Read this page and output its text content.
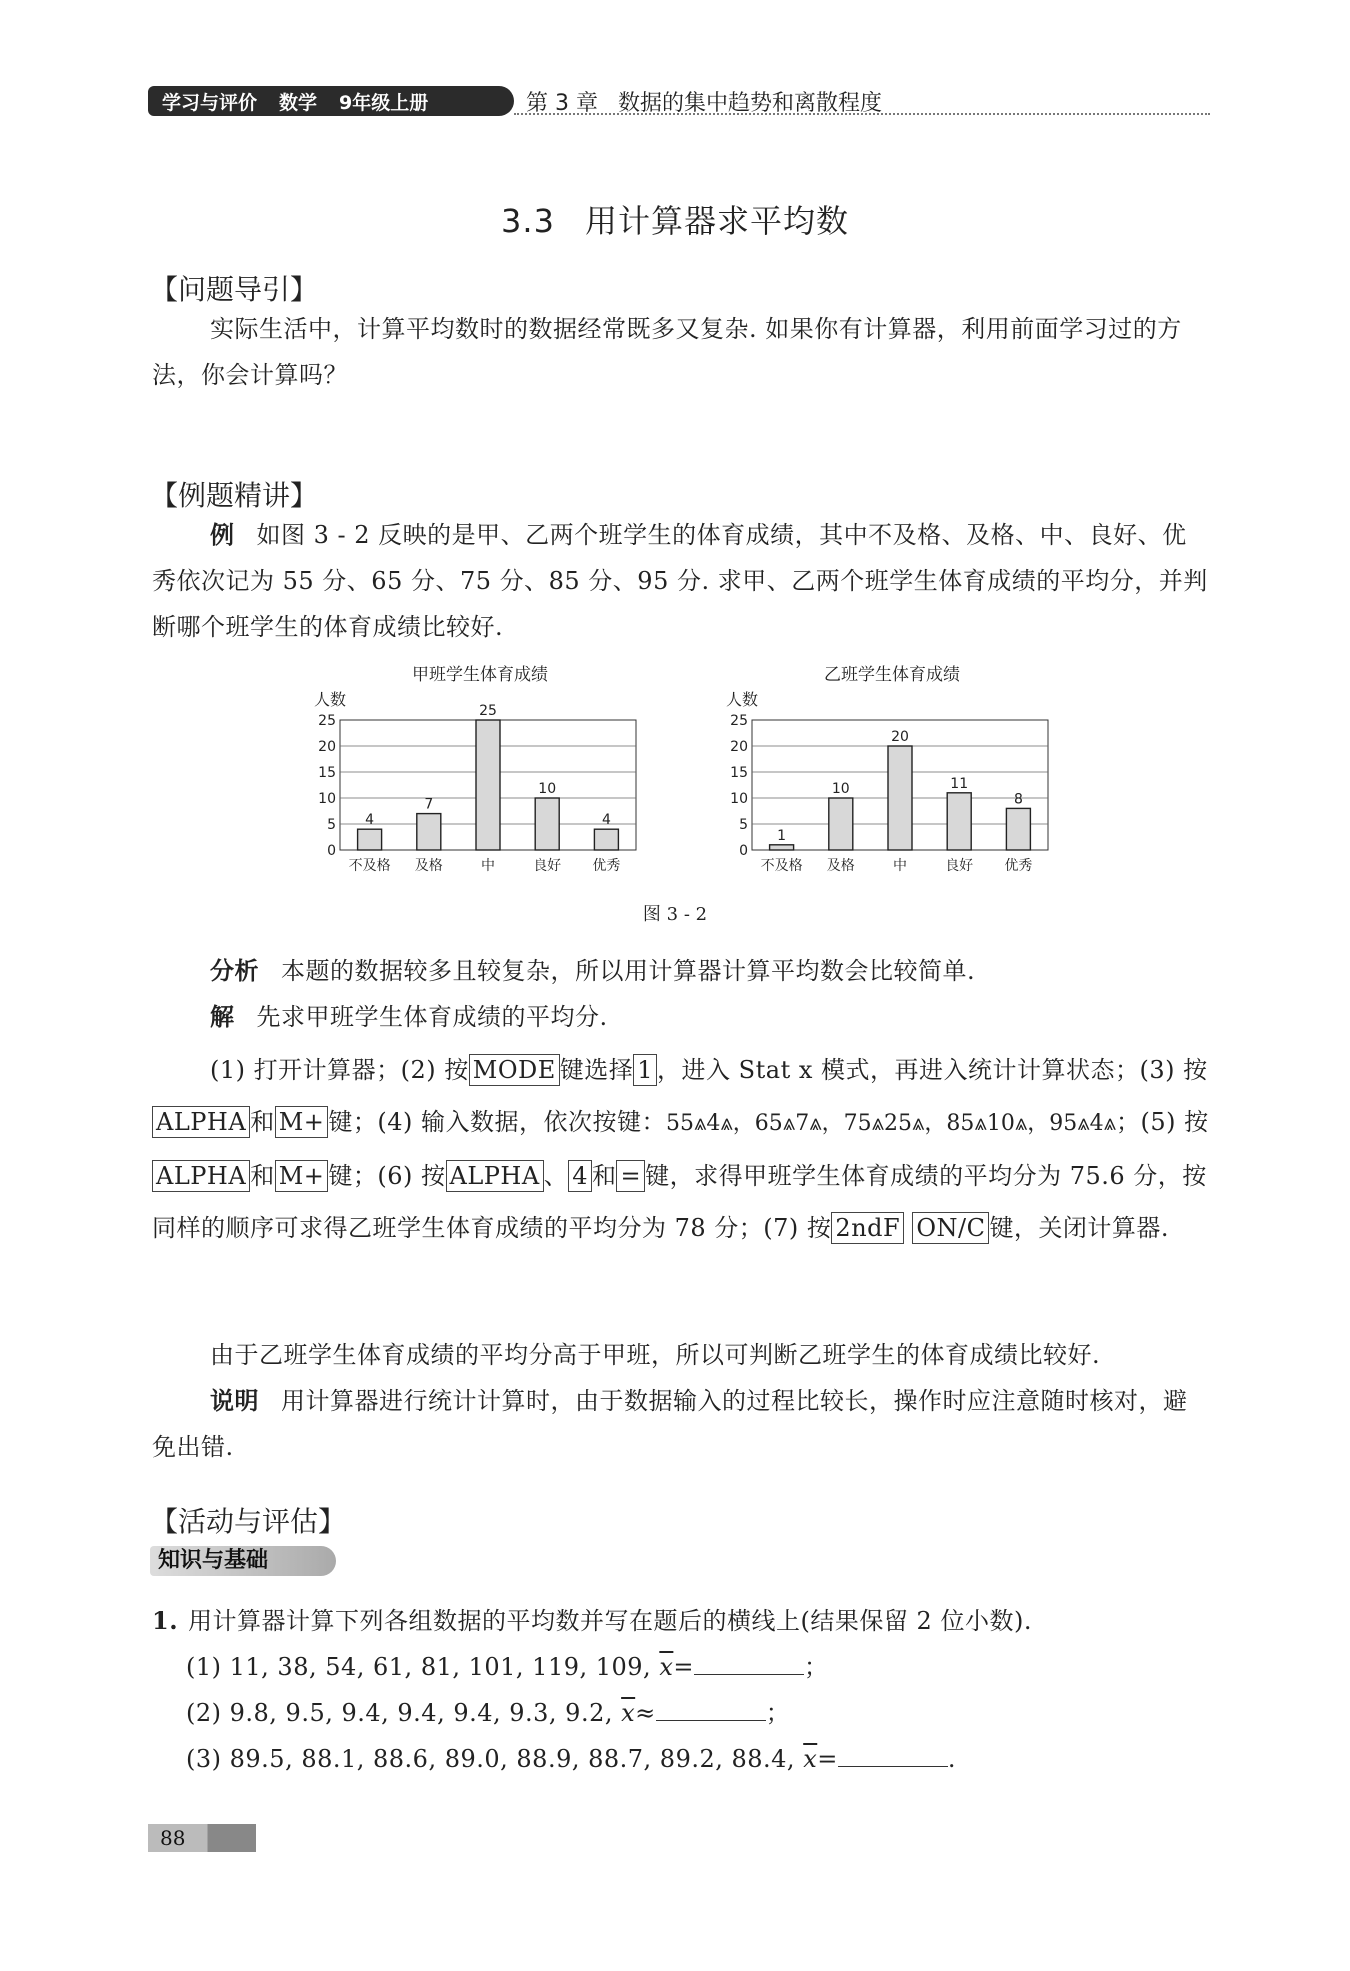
学习与评价 数学 9年级上册	第 3 章 数据的集中趋势和离散程度
3.3 用计算器求平均数
【问题导引】
实际生活中，计算平均数时的数据经常既多又复杂. 如果你有计算器，利用前面学习过的方法，你会计算吗？
【例题精讲】
例 如图 3 - 2 反映的是甲、乙两个班学生的体育成绩，其中不及格、及格、中、良好、优秀依次记为 55 分、65 分、75 分、85 分、95 分. 求甲、乙两个班学生体育成绩的平均分，并判断哪个班学生的体育成绩比较好.
甲班学生体育成绩
人数
0
5
10
15
20
25
4
不及格
7
及格
25
中
10
良好
4
优秀
乙班学生体育成绩
人数
0
5
10
15
20
25
1
不及格
10
及格
20
中
11
良好
8
优秀
图 3 - 2
分析 本题的数据较多且较复杂，所以用计算器计算平均数会比较简单.
解 先求甲班学生体育成绩的平均分.
(1) 打开计算器；(2) 按 MODE 键选择 1 ，进入 Stat x 模式，再进入统计计算状态；(3) 按ALPHA 和 M+ 键；(4) 输入数据，依次按键：55⩓4⩓，65⩓7⩓，75⩓25⩓，85⩓10⩓，95⩓4⩓；(5) 按ALPHA 和 M+ 键；(6) 按 ALPHA 、 4 和 = 键，求得甲班学生体育成绩的平均分为 75.6 分，按同样的顺序可求得乙班学生体育成绩的平均分为 78 分；(7) 按 2ndF ON/C 键，关闭计算器.
由于乙班学生体育成绩的平均分高于甲班，所以可判断乙班学生的体育成绩比较好.
说明 用计算器进行统计计算时，由于数据输入的过程比较长，操作时应注意随时核对，避免出错.
【活动与评估】
知识与基础
1. 用计算器计算下列各组数据的平均数并写在题后的横线上(结果保留 2 位小数).
(1) 11, 38, 54, 61, 81, 101, 119, 109, $\overline{x}=$	；
(2) 9.8, 9.5, 9.4, 9.4, 9.4, 9.3, 9.2, $\overline{x}\approx$	；
(3) 89.5, 88.1, 88.6, 89.0, 88.9, 88.7, 89.2, 88.4, $\overline{x}=$	.
88
